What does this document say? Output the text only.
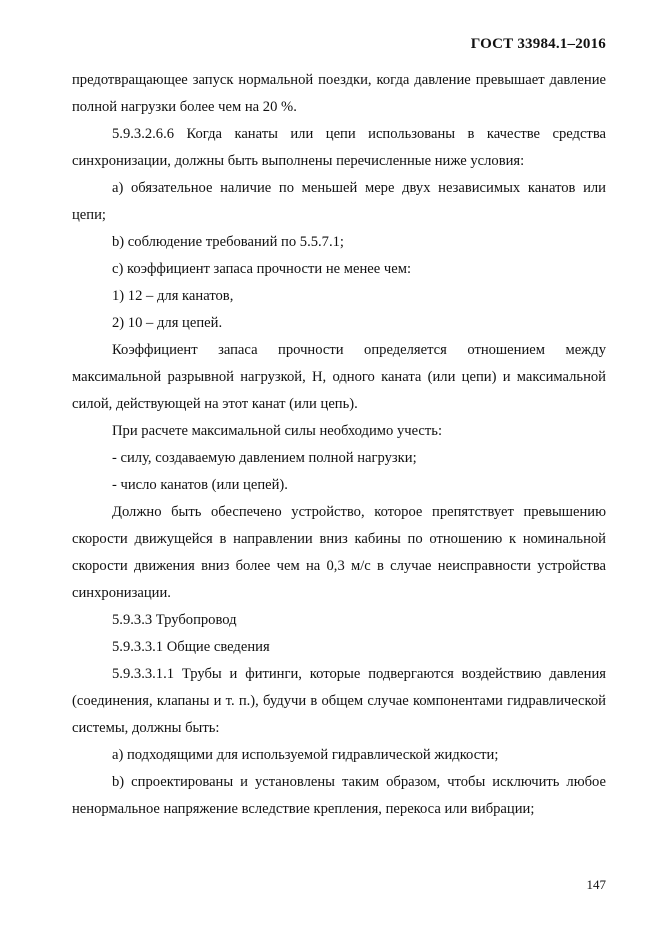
ГОСТ 33984.1–2016

предотвращающее запуск нормальной поездки, когда давление превышает давление полной нагрузки более чем на 20 %.

5.9.3.2.6.6 Когда канаты или цепи использованы в качестве средства синхронизации, должны быть выполнены перечисленные ниже условия:

a) обязательное наличие по меньшей мере двух независимых канатов или цепи;

b) соблюдение требований по 5.5.7.1;

c) коэффициент запаса прочности не менее чем:

1) 12 – для канатов,

2) 10 – для цепей.

Коэффициент запаса прочности определяется отношением между максимальной разрывной нагрузкой, Н, одного каната (или цепи) и максимальной силой, действующей на этот канат (или цепь).

При расчете максимальной силы необходимо учесть:

- силу, создаваемую давлением полной нагрузки;

- число канатов (или цепей).

Должно быть обеспечено устройство, которое препятствует превышению скорости движущейся в направлении вниз кабины по отношению к номинальной скорости движения вниз более чем на 0,3 м/с в случае неисправности устройства синхронизации.

5.9.3.3 Трубопровод

5.9.3.3.1 Общие сведения

5.9.3.3.1.1 Трубы и фитинги, которые подвергаются воздействию давления (соединения, клапаны и т. п.), будучи в общем случае компонентами гидравлической системы, должны быть:

a) подходящими для используемой гидравлической жидкости;

b) спроектированы и установлены таким образом, чтобы исключить любое ненормальное напряжение вследствие крепления, перекоса или вибрации;

147
